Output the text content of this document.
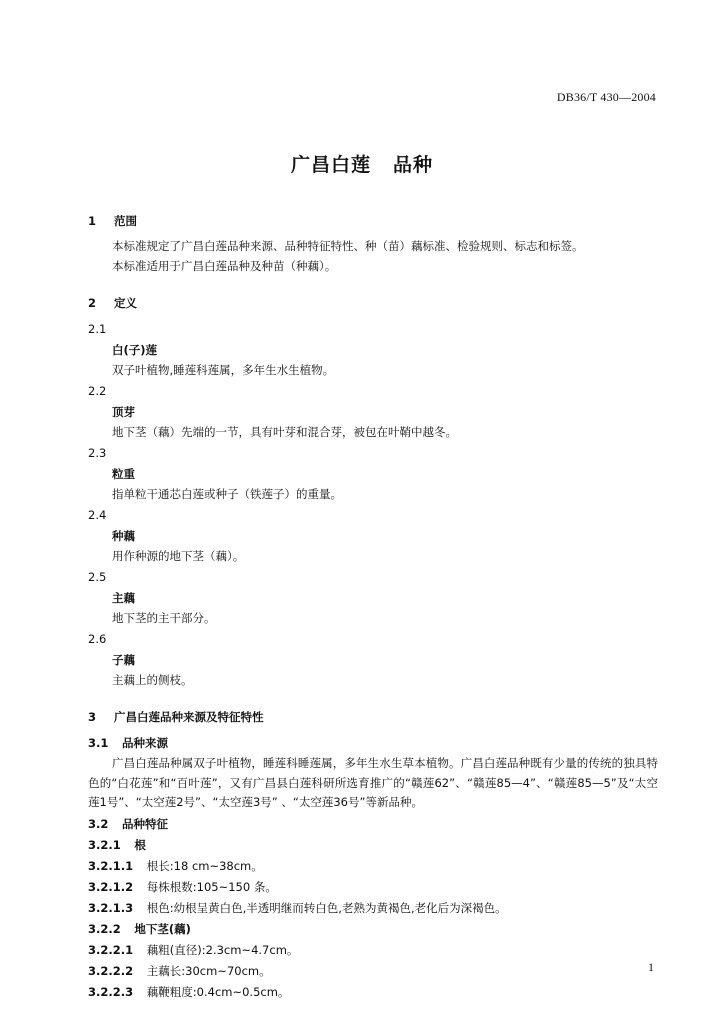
DB36/T 430—2004
广昌白莲 品种
1 范围
本标准规定了广昌白莲品种来源、品种特征特性、种（苗）藕标准、检验规则、标志和标签。
本标准适用于广昌白莲品种及种苗（种藕）。
2 定义
2.1
白(子)莲
双子叶植物,睡莲科莲属，多年生水生植物。
2.2
顶芽
地下茎（藕）先端的一节，具有叶芽和混合芽，被包在叶鞘中越冬。
2.3
粒重
指单粒干通芯白莲或种子（铁莲子）的重量。
2.4
种藕
用作种源的地下茎（藕）。
2.5
主藕
地下茎的主干部分。
2.6
子藕
主藕上的侧枝。
3 广昌白莲品种来源及特征特性
3.1 品种来源
广昌白莲品种属双子叶植物，睡莲科睡莲属，多年生水生草本植物。广昌白莲品种既有少量的传统的独具特色的“白花莲”和“百叶莲”，又有广昌县白莲科研所选育推广的“赣莲62”、“赣莲85—4”、“赣莲85—5”及“太空莲1号”、“太空莲2号”、“太空莲3号” 、“太空莲36号”等新品种。
3.2 品种特征
3.2.1 根
3.2.1.1 根长:18 cm~38cm。
3.2.1.2 每株根数:105~150 条。
3.2.1.3 根色:幼根呈黄白色,半透明继而转白色,老熟为黄褐色,老化后为深褐色。
3.2.2 地下茎(藕)
3.2.2.1 藕粗(直径):2.3cm~4.7cm。
3.2.2.2 主藕长:30cm~70cm。
3.2.2.3 藕鞭粗度:0.4cm~0.5cm。
1
